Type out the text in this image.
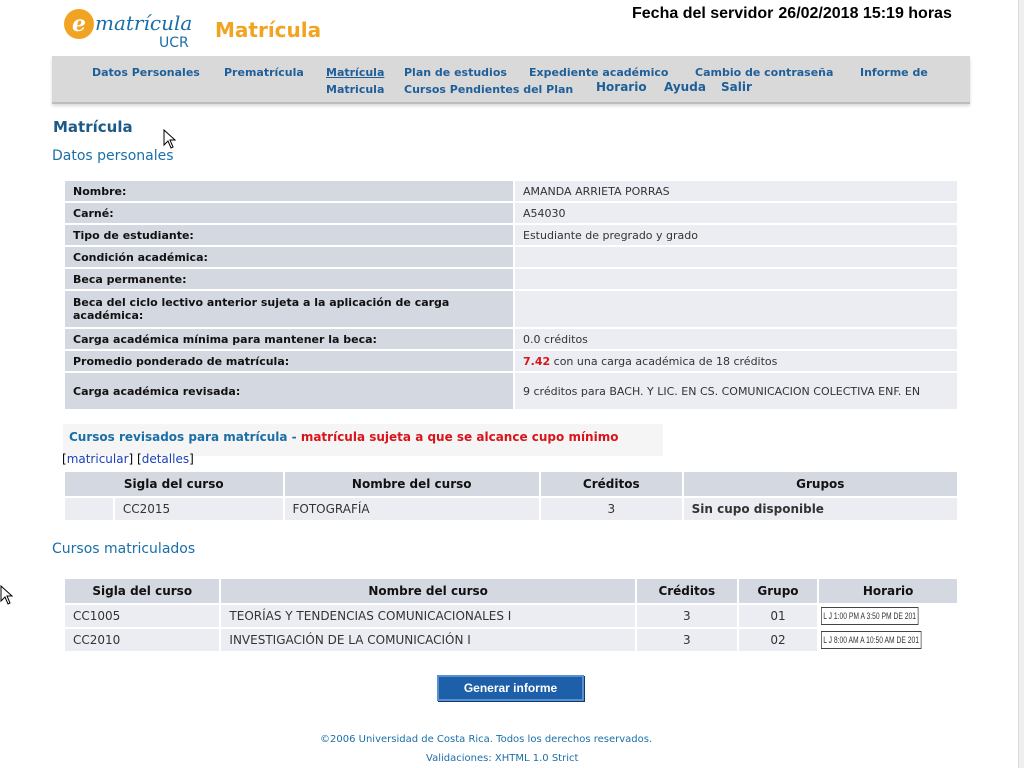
Fecha del servidor 26/02/2018 15:19 horas
e matrícula
UCR
Matrícula
Datos Personales Prematrícula Matrícula Plan de estudios Expediente académico Cambio de contraseña Informe de
Matricula Cursos Pendientes del Plan Horario Ayuda Salir
Matrícula
Datos personales
Nombre:	AMANDA ARRIETA PORRAS
Carné:	A54030
Tipo de estudiante:	Estudiante de pregrado y grado
Condición académica:	
Beca permanente:	
Beca del ciclo lectivo anterior sujeta a la aplicación de carga académica:	
Carga académica mínima para mantener la beca:	0.0 créditos
Promedio ponderado de matrícula:	7.42 con una carga académica de 18 créditos
Carga académica revisada:	9 créditos para BACH. Y LIC. EN CS. COMUNICACION COLECTIVA ENF. EN
Cursos revisados para matrícula - matrícula sujeta a que se alcance cupo mínimo
[matricular] [detalles]
Sigla del curso		Nombre del curso	Créditos	Grupos
	CC2015	FOTOGRAFÍA	3	Sin cupo disponible
Cursos matriculados
Sigla del curso	Nombre del curso	Créditos	Grupo	Horario
CC1005	TEORÍAS Y TENDENCIAS COMUNICACIONALES I	3	01	L J 1:00 PM A 3:50 PM DE 201
CC2010	INVESTIGACIÓN DE LA COMUNICACIÓN I	3	02	L J 8:00 AM A 10:50 AM DE 201
Generar informe
©2006 Universidad de Costa Rica. Todos los derechos reservados.
Validaciones: XHTML 1.0 Strict
